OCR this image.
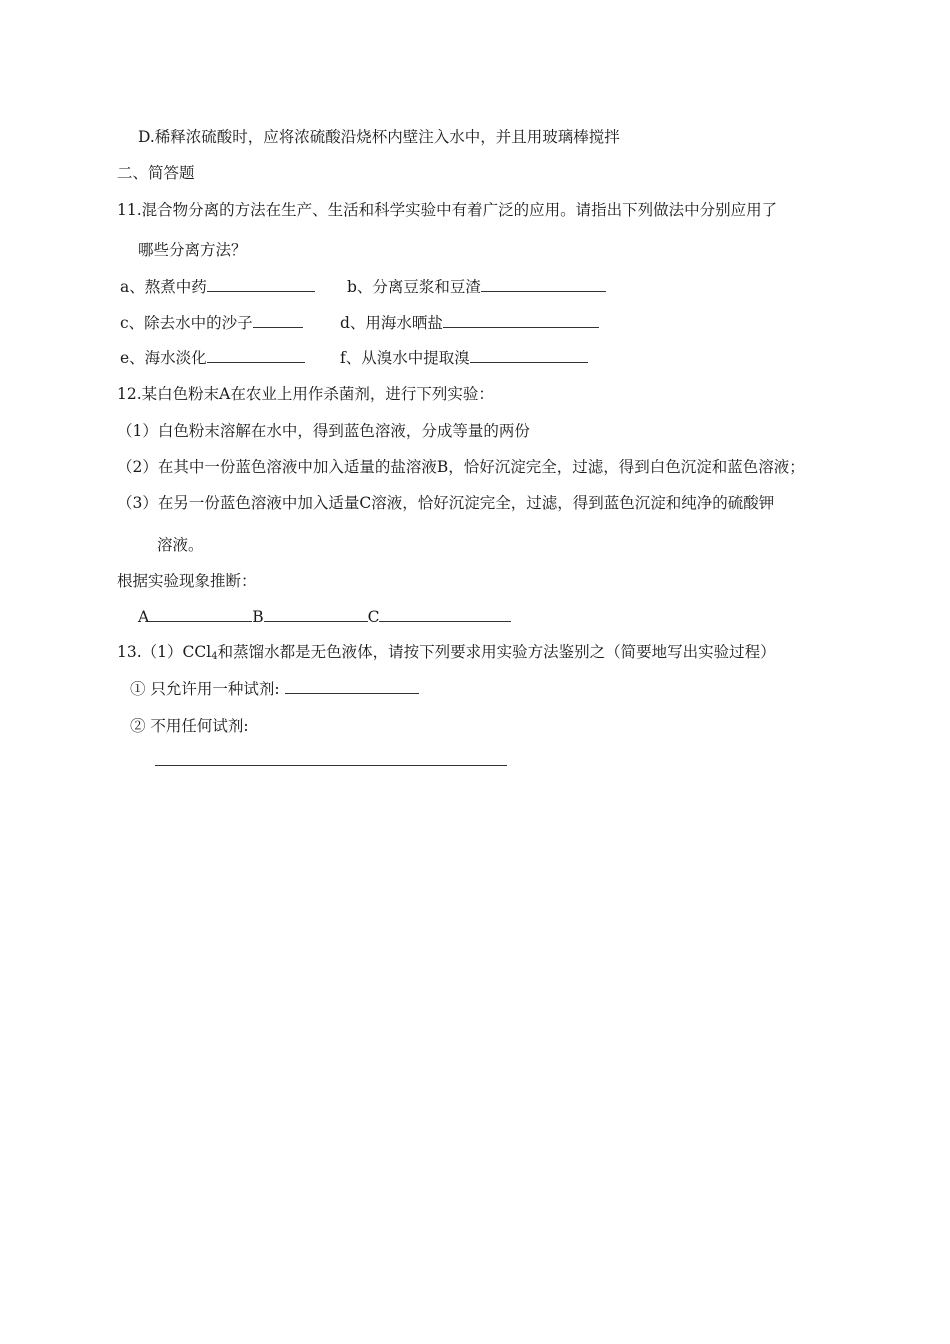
D.稀释浓硫酸时，应将浓硫酸沿烧杯内壁注入水中，并且用玻璃棒搅拌
二、简答题
11.混合物分离的方法在生产、生活和科学实验中有着广泛的应用。请指出下列做法中分别应用了
哪些分离方法？
a、熬煮中药	b、分离豆浆和豆渣
c、除去水中的沙子	d、用海水晒盐
e、海水淡化	f、从溴水中提取溴
12.某白色粉末A在农业上用作杀菌剂，进行下列实验：
（1）白色粉末溶解在水中，得到蓝色溶液，分成等量的两份
（2）在其中一份蓝色溶液中加入适量的盐溶液B，恰好沉淀完全，过滤，得到白色沉淀和蓝色溶液；
（3）在另一份蓝色溶液中加入适量C溶液，恰好沉淀完全，过滤，得到蓝色沉淀和纯净的硫酸钾
溶液。
根据实验现象推断：
A	B	C
13.（1）CCl$_4$和蒸馏水都是无色液体，请按下列要求用实验方法鉴别之（简要地写出实验过程）
① 只允许用一种试剂:
② 不用任何试剂:
